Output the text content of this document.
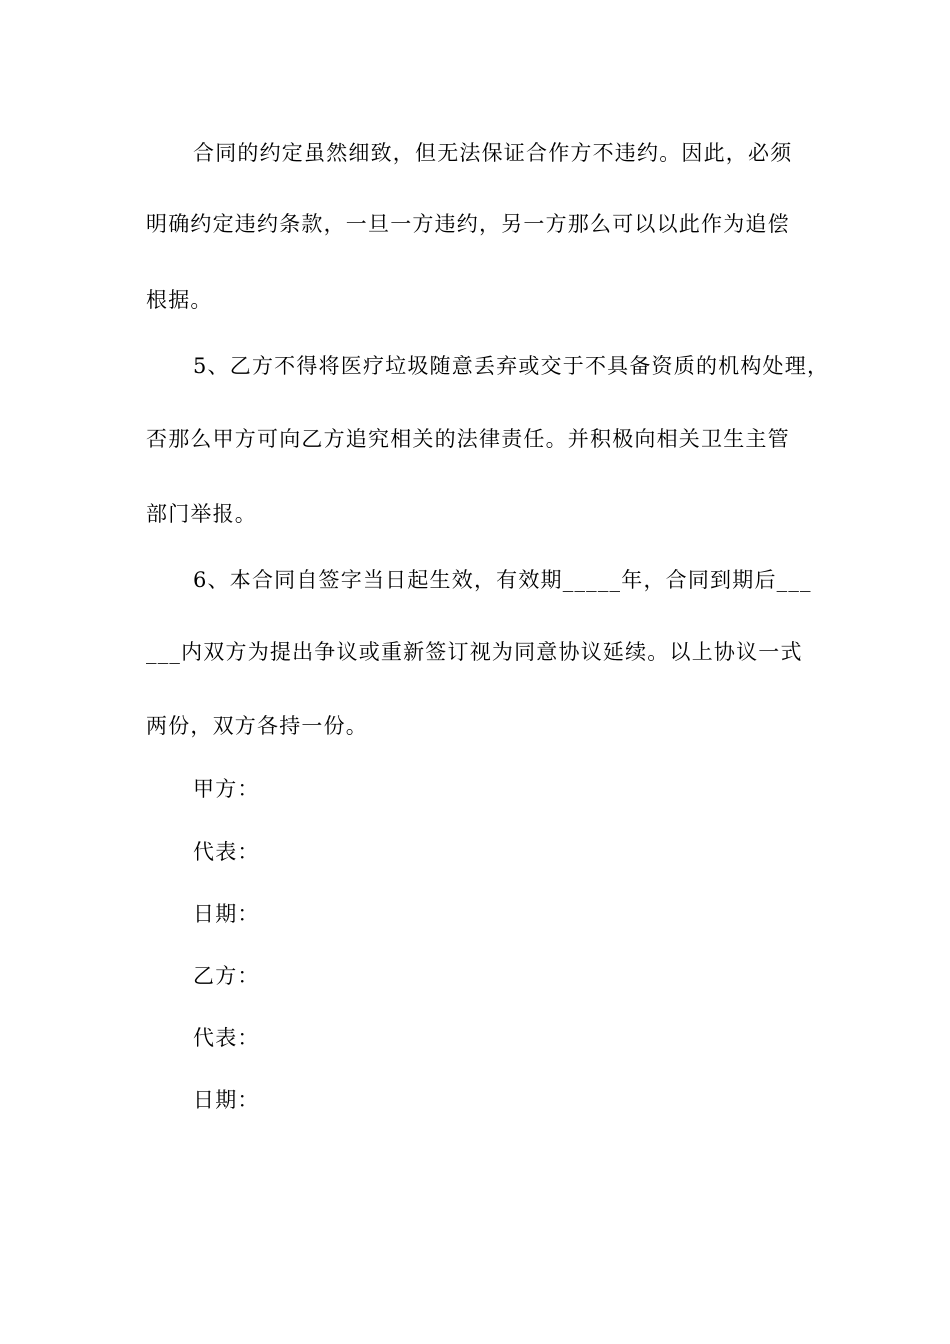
合同的约定虽然细致，但无法保证合作方不违约。因此，必须
明确约定违约条款，一旦一方违约，另一方那么可以以此作为追偿
根据。
5、乙方不得将医疗垃圾随意丢弃或交于不具备资质的机构处理，
否那么甲方可向乙方追究相关的法律责任。并积极向相关卫生主管
部门举报。
6、本合同自签字当日起生效，有效期_____年，合同到期后___
___内双方为提出争议或重新签订视为同意协议延续。以上协议一式
两份，双方各持一份。
甲方：
代表：
日期：
乙方：
代表：
日期：
